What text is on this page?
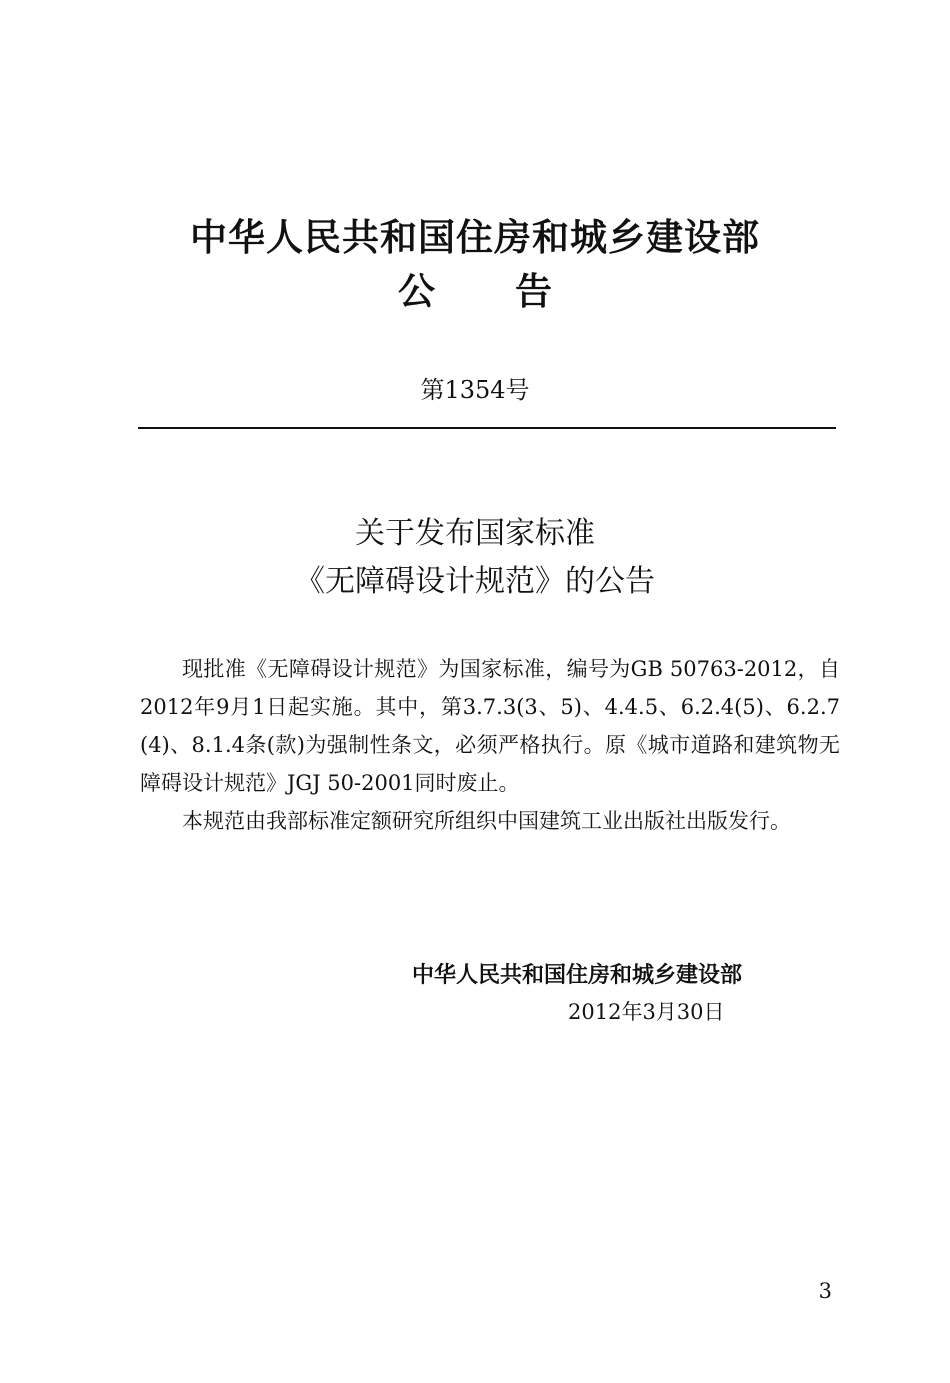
中华人民共和国住房和城乡建设部
公告
第1354号
关于发布国家标准
《无障碍设计规范》的公告

现批准《无障碍设计规范》为国家标准，编号为GB 50763-2012，自2012年9月1日起实施。其中，第3.7.3(3、5)、4.4.5、6.2.4(5)、6.2.7(4)、8.1.4条(款)为强制性条文，必须严格执行。原《城市道路和建筑物无障碍设计规范》JGJ 50-2001同时废止。

本规范由我部标准定额研究所组织中国建筑工业出版社出版发行。

中华人民共和国住房和城乡建设部
2012年3月30日
3
